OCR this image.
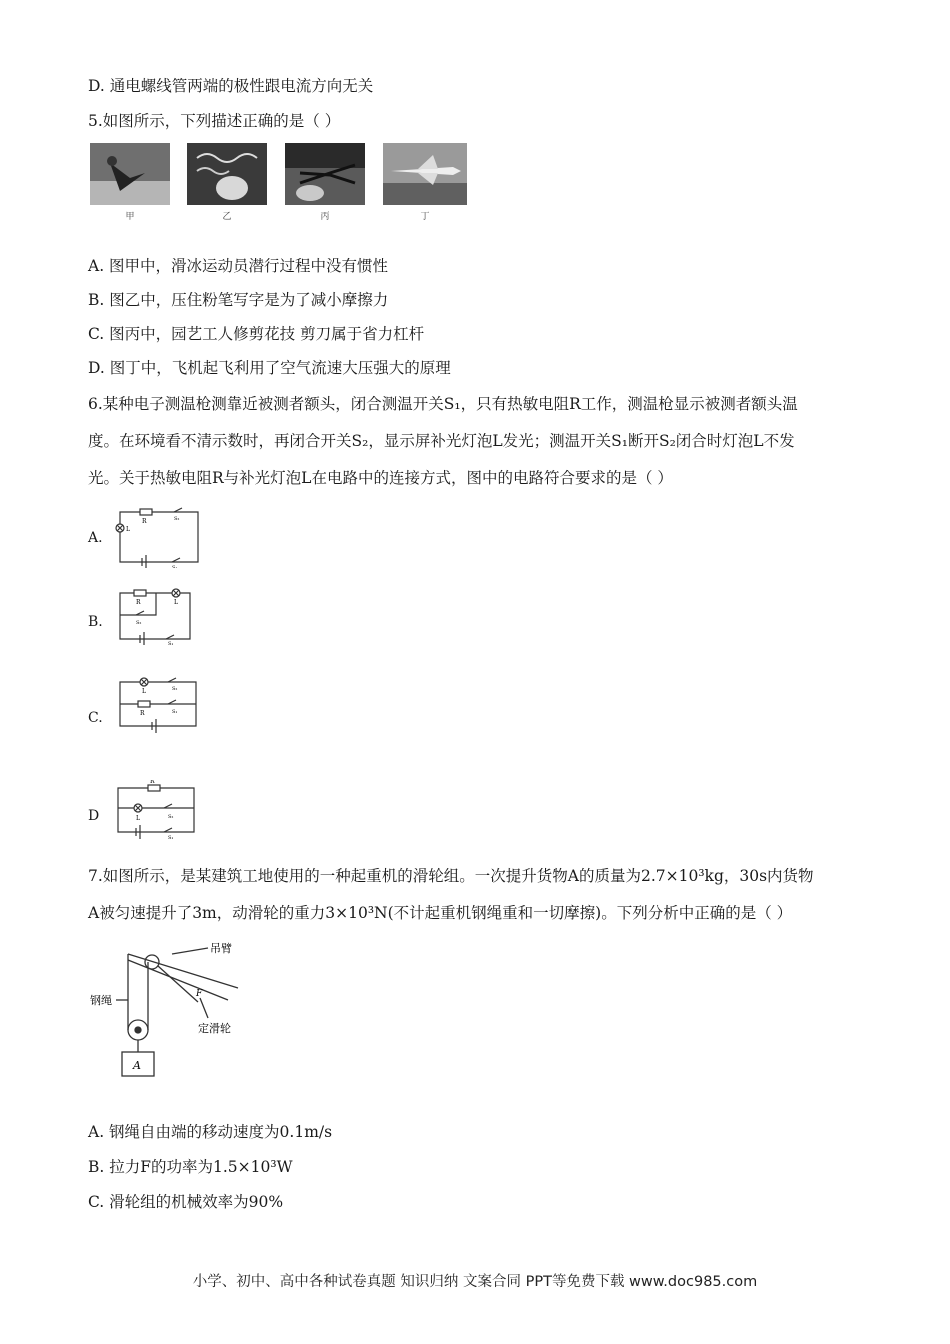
D. 通电螺线管两端的极性跟电流方向无关
5.如图所示，下列描述正确的是（ ）
甲	乙	丙	丁
A. 图甲中，滑冰运动员潜行过程中没有惯性
B. 图乙中，压住粉笔写字是为了减小摩擦力
C. 图丙中，园艺工人修剪花技 剪刀属于省力杠杆
D. 图丁中，飞机起飞利用了空气流速大压强大的原理
6.某种电子测温枪测靠近被测者额头，闭合测温开关S₁，只有热敏电阻R工作，测温枪显示被测者额头温
度。在环境看不清示数时，再闭合开关S₂，显示屏补光灯泡L发光；测温开关S₁断开S₂闭合时灯泡L不发
光。关于热敏电阻R与补光灯泡L在电路中的连接方式，图中的电路符合要求的是（ ）
A.
R
L
S₂
S₁
B.
R	L
S₂
S₁
C.
L	S₂
R	S₁
D
R
L	S₂
S₁
7.如图所示，是某建筑工地使用的一种起重机的滑轮组。一次提升货物A的质量为2.7×10³kg，30s内货物
A被匀速提升了3m，动滑轮的重力3×10³N(不计起重机钢绳重和一切摩擦)。下列分析中正确的是（ ）
吊臂
钢绳
定滑轮
A
F
A. 钢绳自由端的移动速度为0.1m/s
B. 拉力F的功率为1.5×10³W
C. 滑轮组的机械效率为90%
小学、初中、高中各种试卷真题 知识归纳 文案合同 PPT等免费下载 www.doc985.com
